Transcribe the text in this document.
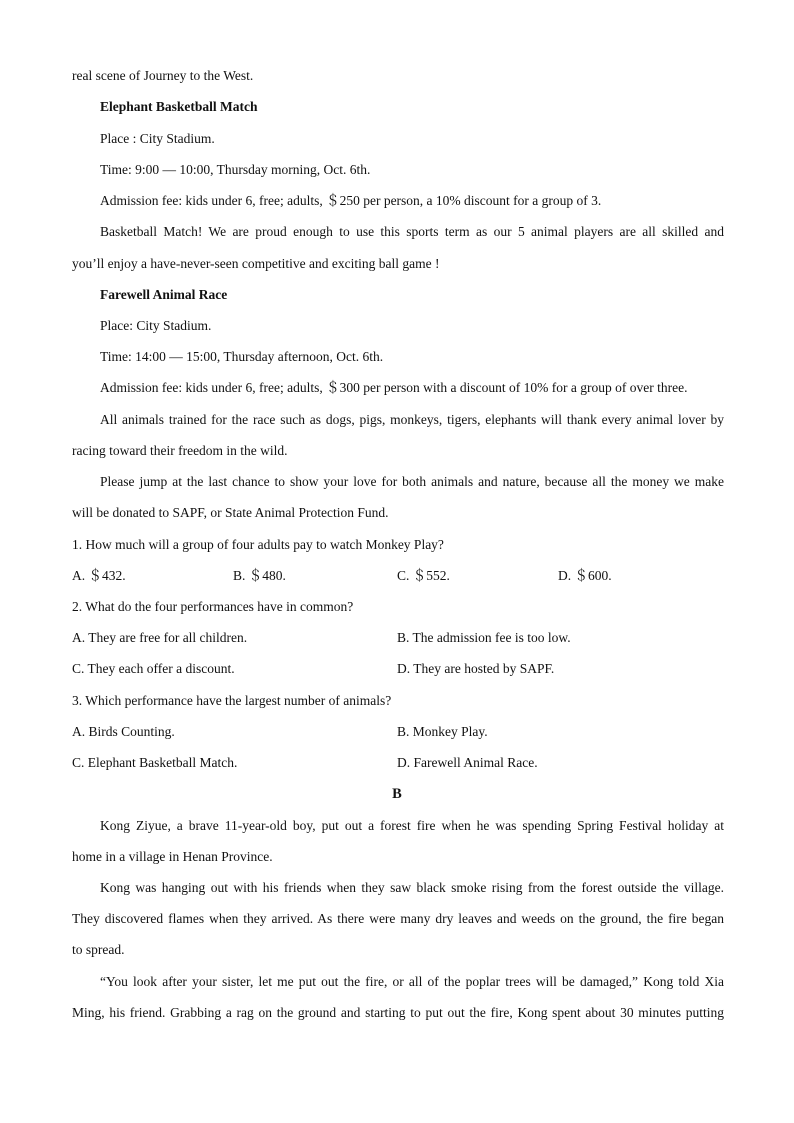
real scene of Journey to the West.
Elephant Basketball Match
Place : City Stadium.
Time: 9:00 — 10:00, Thursday morning, Oct. 6th.
Admission fee: kids under 6, free; adults, ＄250 per person, a 10% discount for a group of 3.
Basketball Match! We are proud enough to use this sports term as our 5 animal players are all skilled and
you’ll enjoy a have-never-seen competitive and exciting ball game !
Farewell Animal Race
Place: City Stadium.
Time: 14:00 — 15:00, Thursday afternoon, Oct. 6th.
Admission fee: kids under 6, free; adults, ＄300 per person with a discount of 10% for a group of over three.
All animals trained for the race such as dogs, pigs, monkeys, tigers, elephants will thank every animal lover by
racing toward their freedom in the wild.
Please jump at the last chance to show your love for both animals and nature, because all the money we make
will be donated to SAPF, or State Animal Protection Fund.
1. How much will a group of four adults pay to watch Monkey Play?
A. ＄432.	B. ＄480.	C. ＄552.	D. ＄600.
2. What do the four performances have in common?
A. They are free for all children.	B. The admission fee is too low.
C. They each offer a discount.	D. They are hosted by SAPF.
3. Which performance have the largest number of animals?
A. Birds Counting.	B. Monkey Play.
C. Elephant Basketball Match.	D. Farewell Animal Race.
B
Kong Ziyue, a brave 11-year-old boy, put out a forest fire when he was spending Spring Festival holiday at
home in a village in Henan Province.
Kong was hanging out with his friends when they saw black smoke rising from the forest outside the village.
They discovered flames when they arrived. As there were many dry leaves and weeds on the ground, the fire began
to spread.
“You look after your sister, let me put out the fire, or all of the poplar trees will be damaged,” Kong told Xia
Ming, his friend. Grabbing a rag on the ground and starting to put out the fire, Kong spent about 30 minutes putting
